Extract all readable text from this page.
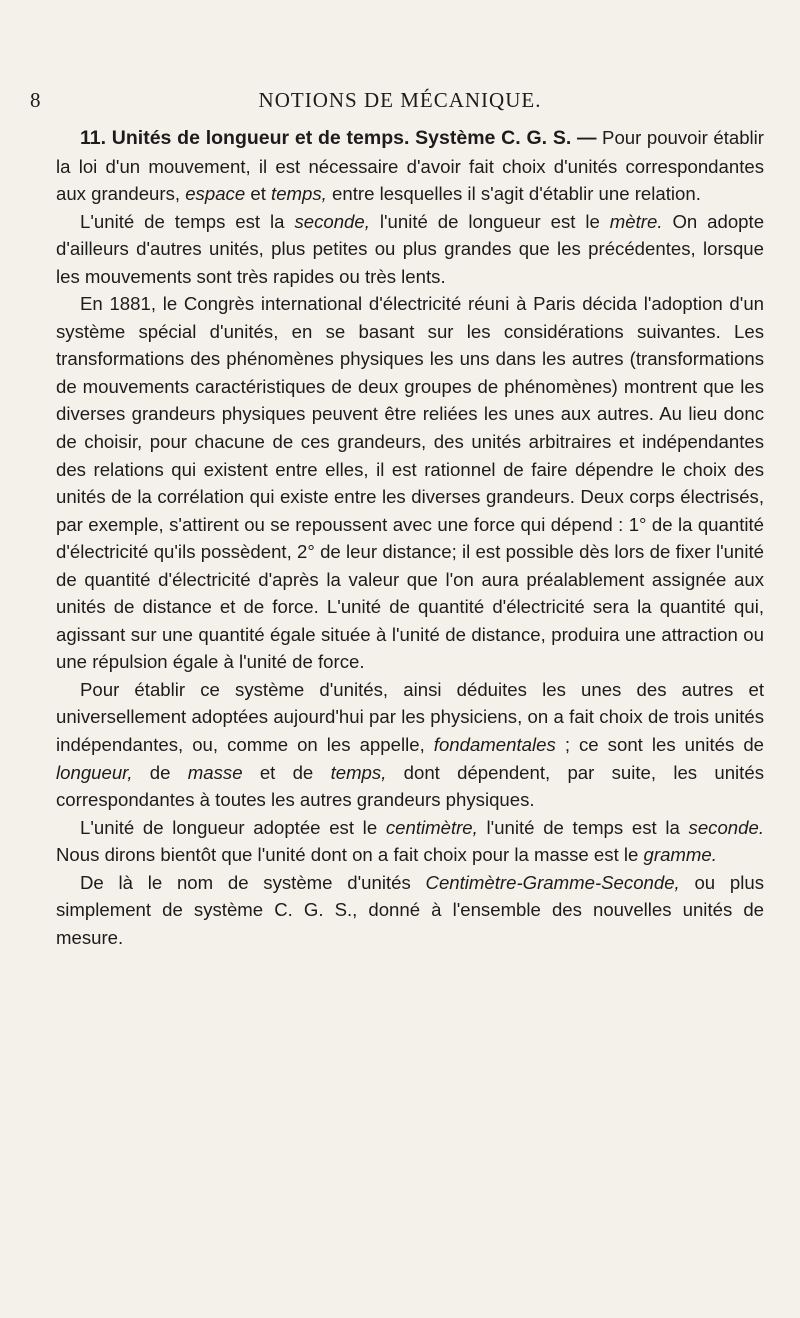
8	NOTIONS DE MÉCANIQUE.

11. Unités de longueur et de temps. Système C. G. S. — Pour pouvoir établir la loi d'un mouvement, il est nécessaire d'avoir fait choix d'unités correspondantes aux grandeurs, espace et temps, entre lesquelles il s'agit d'établir une relation.

L'unité de temps est la seconde, l'unité de longueur est le mètre. On adopte d'ailleurs d'autres unités, plus petites ou plus grandes que les précédentes, lorsque les mouvements sont très rapides ou très lents.

En 1881, le Congrès international d'électricité réuni à Paris décida l'adoption d'un système spécial d'unités, en se basant sur les considérations suivantes. Les transformations des phénomènes physiques les uns dans les autres (transformations de mouvements caractéristiques de deux groupes de phénomènes) montrent que les diverses grandeurs physiques peuvent être reliées les unes aux autres. Au lieu donc de choisir, pour chacune de ces grandeurs, des unités arbitraires et indépendantes des relations qui existent entre elles, il est rationnel de faire dépendre le choix des unités de la corrélation qui existe entre les diverses grandeurs. Deux corps électrisés, par exemple, s'attirent ou se repoussent avec une force qui dépend : 1° de la quantité d'électricité qu'ils possèdent, 2° de leur distance; il est possible dès lors de fixer l'unité de quantité d'électricité d'après la valeur que l'on aura préalablement assignée aux unités de distance et de force. L'unité de quantité d'électricité sera la quantité qui, agissant sur une quantité égale située à l'unité de distance, produira une attraction ou une répulsion égale à l'unité de force.

Pour établir ce système d'unités, ainsi déduites les unes des autres et universellement adoptées aujourd'hui par les physiciens, on a fait choix de trois unités indépendantes, ou, comme on les appelle, fondamentales ; ce sont les unités de longueur, de masse et de temps, dont dépendent, par suite, les unités correspondantes à toutes les autres grandeurs physiques.

L'unité de longueur adoptée est le centimètre, l'unité de temps est la seconde. Nous dirons bientôt que l'unité dont on a fait choix pour la masse est le gramme.

De là le nom de système d'unités Centimètre-Gramme-Seconde, ou plus simplement de système C. G. S., donné à l'ensemble des nouvelles unités de mesure.
